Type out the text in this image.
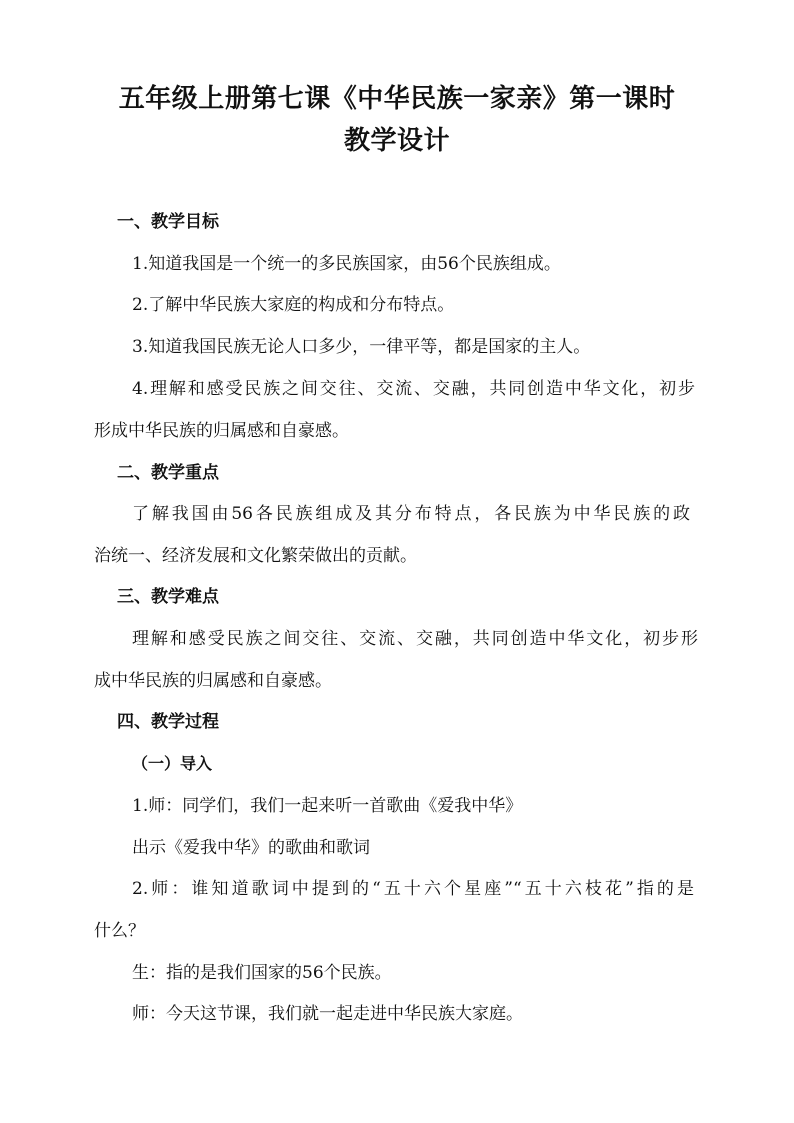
五年级上册第七课《中华民族一家亲》第一课时
教学设计
一、教学目标
1.知道我国是一个统一的多民族国家，由56个民族组成。
2.了解中华民族大家庭的构成和分布特点。
3.知道我国民族无论人口多少，一律平等，都是国家的主人。
4.理解和感受民族之间交往、交流、交融，共同创造中华文化，初步
形成中华民族的归属感和自豪感。
二、教学重点
了解我国由56各民族组成及其分布特点，各民族为中华民族的政
治统一、经济发展和文化繁荣做出的贡献。
三、教学难点
理解和感受民族之间交往、交流、交融，共同创造中华文化，初步形
成中华民族的归属感和自豪感。
四、教学过程
（一）导入
1.师：同学们，我们一起来听一首歌曲《爱我中华》
出示《爱我中华》的歌曲和歌词
2.师：谁知道歌词中提到的“五十六个星座”“五十六枝花”指的是
什么？
生：指的是我们国家的56个民族。
师：今天这节课，我们就一起走进中华民族大家庭。
